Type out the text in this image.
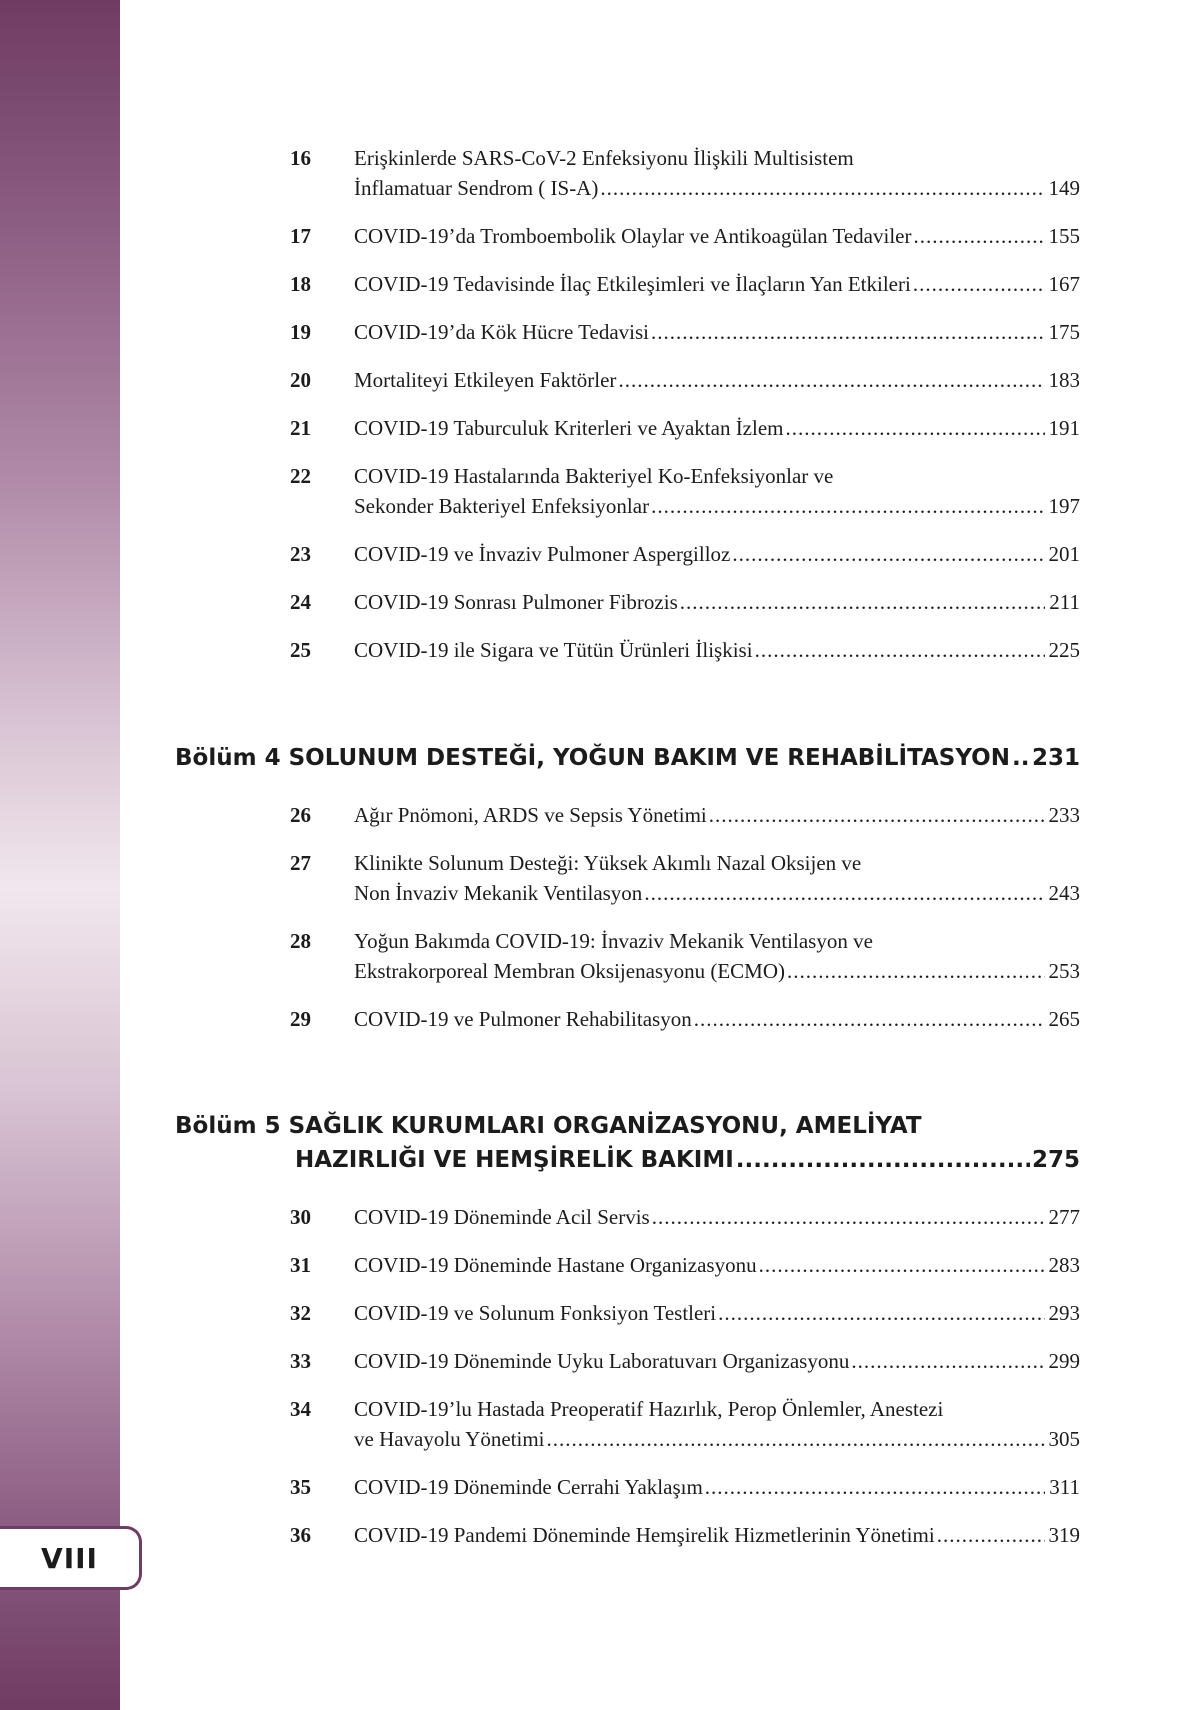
VIII
Bölüm 4 SOLUNUM DESTEĞİ, YOĞUN BAKIM VE REHABİLİTASYON ..... 231
Bölüm 5 SAĞLIK KURUMLARI ORGANİZASYONU, AMELİYAT
HAZIRLIĞI VE HEMŞİRELİK BAKIMI .....	275
16	Erişkinlerde SARS-CoV-2 Enfeksiyonu İlişkili Multisistem
İnflamatuar Sendrom ( IS-A) .....	149
17	COVID-19’da Tromboembolik Olaylar ve Antikoagülan Tedaviler .....	155
18	COVID-19 Tedavisinde İlaç Etkileşimleri ve İlaçların Yan Etkileri .....	167
19	COVID-19’da Kök Hücre Tedavisi .....	175
20	Mortaliteyi Etkileyen Faktörler .....	183
21	COVID-19 Taburculuk Kriterleri ve Ayaktan İzlem .....	191
22	COVID-19 Hastalarında Bakteriyel Ko-Enfeksiyonlar ve
Sekonder Bakteriyel Enfeksiyonlar .....	197
23	COVID-19 ve İnvaziv Pulmoner Aspergilloz .....	201
24	COVID-19 Sonrası Pulmoner Fibrozis .....	211
25	COVID-19 ile Sigara ve Tütün Ürünleri İlişkisi .....	225
26	Ağır Pnömoni, ARDS ve Sepsis Yönetimi .....	233
27	Klinikte Solunum Desteği: Yüksek Akımlı Nazal Oksijen ve
Non İnvaziv Mekanik Ventilasyon .....	243
28	Yoğun Bakımda COVID-19: İnvaziv Mekanik Ventilasyon ve
Ekstrakorporeal Membran Oksijenasyonu (ECMO) .....	253
29	COVID-19 ve Pulmoner Rehabilitasyon .....	265
30	COVID-19 Döneminde Acil Servis .....	277
31	COVID-19 Döneminde Hastane Organizasyonu .....	283
32	COVID-19 ve Solunum Fonksiyon Testleri .....	293
33	COVID-19 Döneminde Uyku Laboratuvarı Organizasyonu .....	299
34	COVID-19’lu Hastada Preoperatif Hazırlık, Perop Önlemler, Anestezi
ve Havayolu Yönetimi .....	305
35	COVID-19 Döneminde Cerrahi Yaklaşım .....	311
36	COVID-19 Pandemi Döneminde Hemşirelik Hizmetlerinin Yönetimi .....	319
